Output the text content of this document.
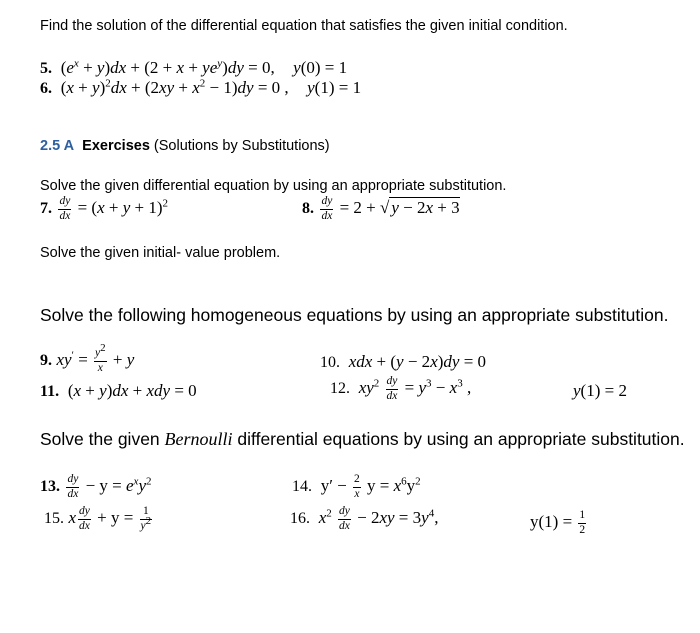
Find the solution of the differential equation that satisfies the given initial condition.
5.  $(e^x + y)dx + (2 + x + ye^y)dy = 0$, y(0) = 1
6.  $(x + y)^2dx + (2xy + x^2 - 1)dy = 0$ , y(1) = 1
2.5 A Exercises (Solutions by Substitutions)
Solve the given differential equation by using an appropriate substitution.
7. $\frac{dy}{dx} = (x + y + 1)^2$	8. $\frac{dy}{dx} = 2$ + √ y − 2x + 3
Solve the given initial- value problem.
Solve the following homogeneous equations by using an appropriate substitution.
9. $xy' = \frac{y^2}{x} + y$	10. xdx + (y − 2x)dy = 0
11.  (x + y)dx + xdy = 0	12. $xy^2 \frac{dy}{dx} = y^3 - x^3$ ,	y(1) = 2
Solve the given Bernoulli differential equations by using an appropriate substitution.
13. $\frac{dy}{dx} - y = e^xy^2$	14.  $y' - \frac{2}{x}$ $y = x^6y^2$
15. x $\frac{dy}{dx} + y = \frac{1}{y^2}$	16. $x^2 \frac{dy}{dx} - 2xy = 3y^4$,	$y(1) = \frac{1}{2}$
